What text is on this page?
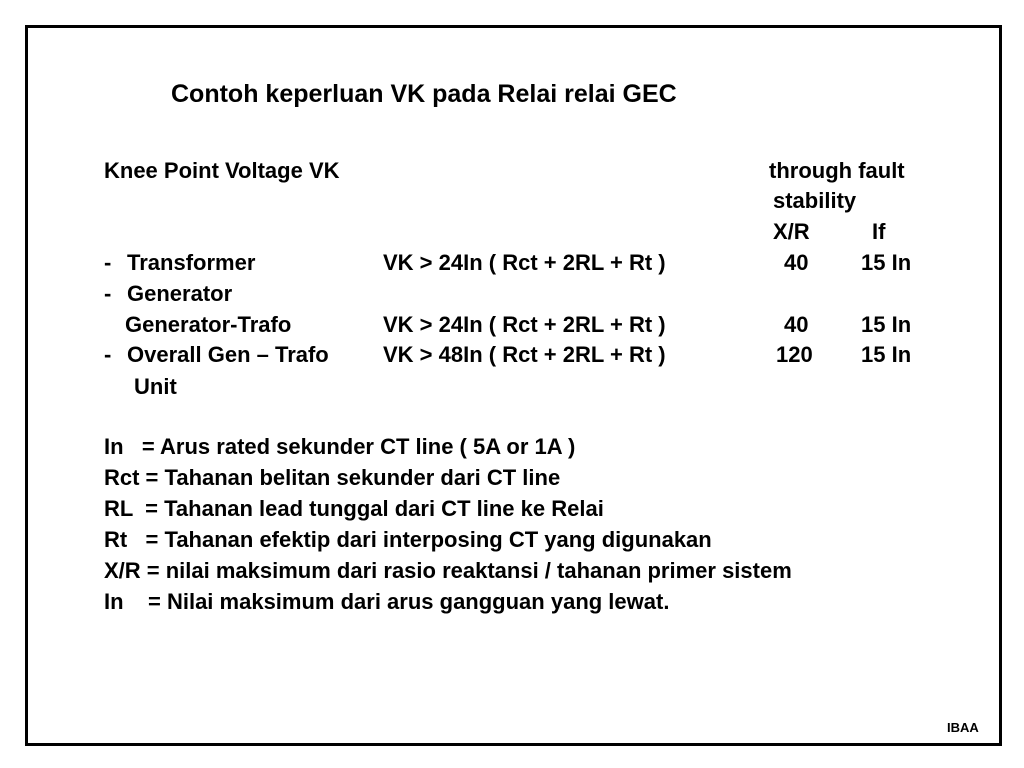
Contoh keperluan VK pada Relai relai GEC
Knee Point Voltage VK	through fault
stability
X/R	If
- Transformer	VK > 24In ( Rct + 2RL + Rt )	40 15 In
- Generator
Generator-Trafo	VK > 24In ( Rct + 2RL + Rt )	40 15 In
- Overall Gen – Trafo VK > 48In ( Rct + 2RL + Rt )	120 15 In
Unit
In   = Arus rated sekunder CT line ( 5A or 1A )
Rct = Tahanan belitan sekunder dari CT line
RL  = Tahanan lead tunggal dari CT line ke Relai
Rt   = Tahanan efektip dari interposing CT yang digunakan
X/R = nilai maksimum dari rasio reaktansi / tahanan primer sistem
In    = Nilai maksimum dari arus gangguan yang lewat.
IBAA
